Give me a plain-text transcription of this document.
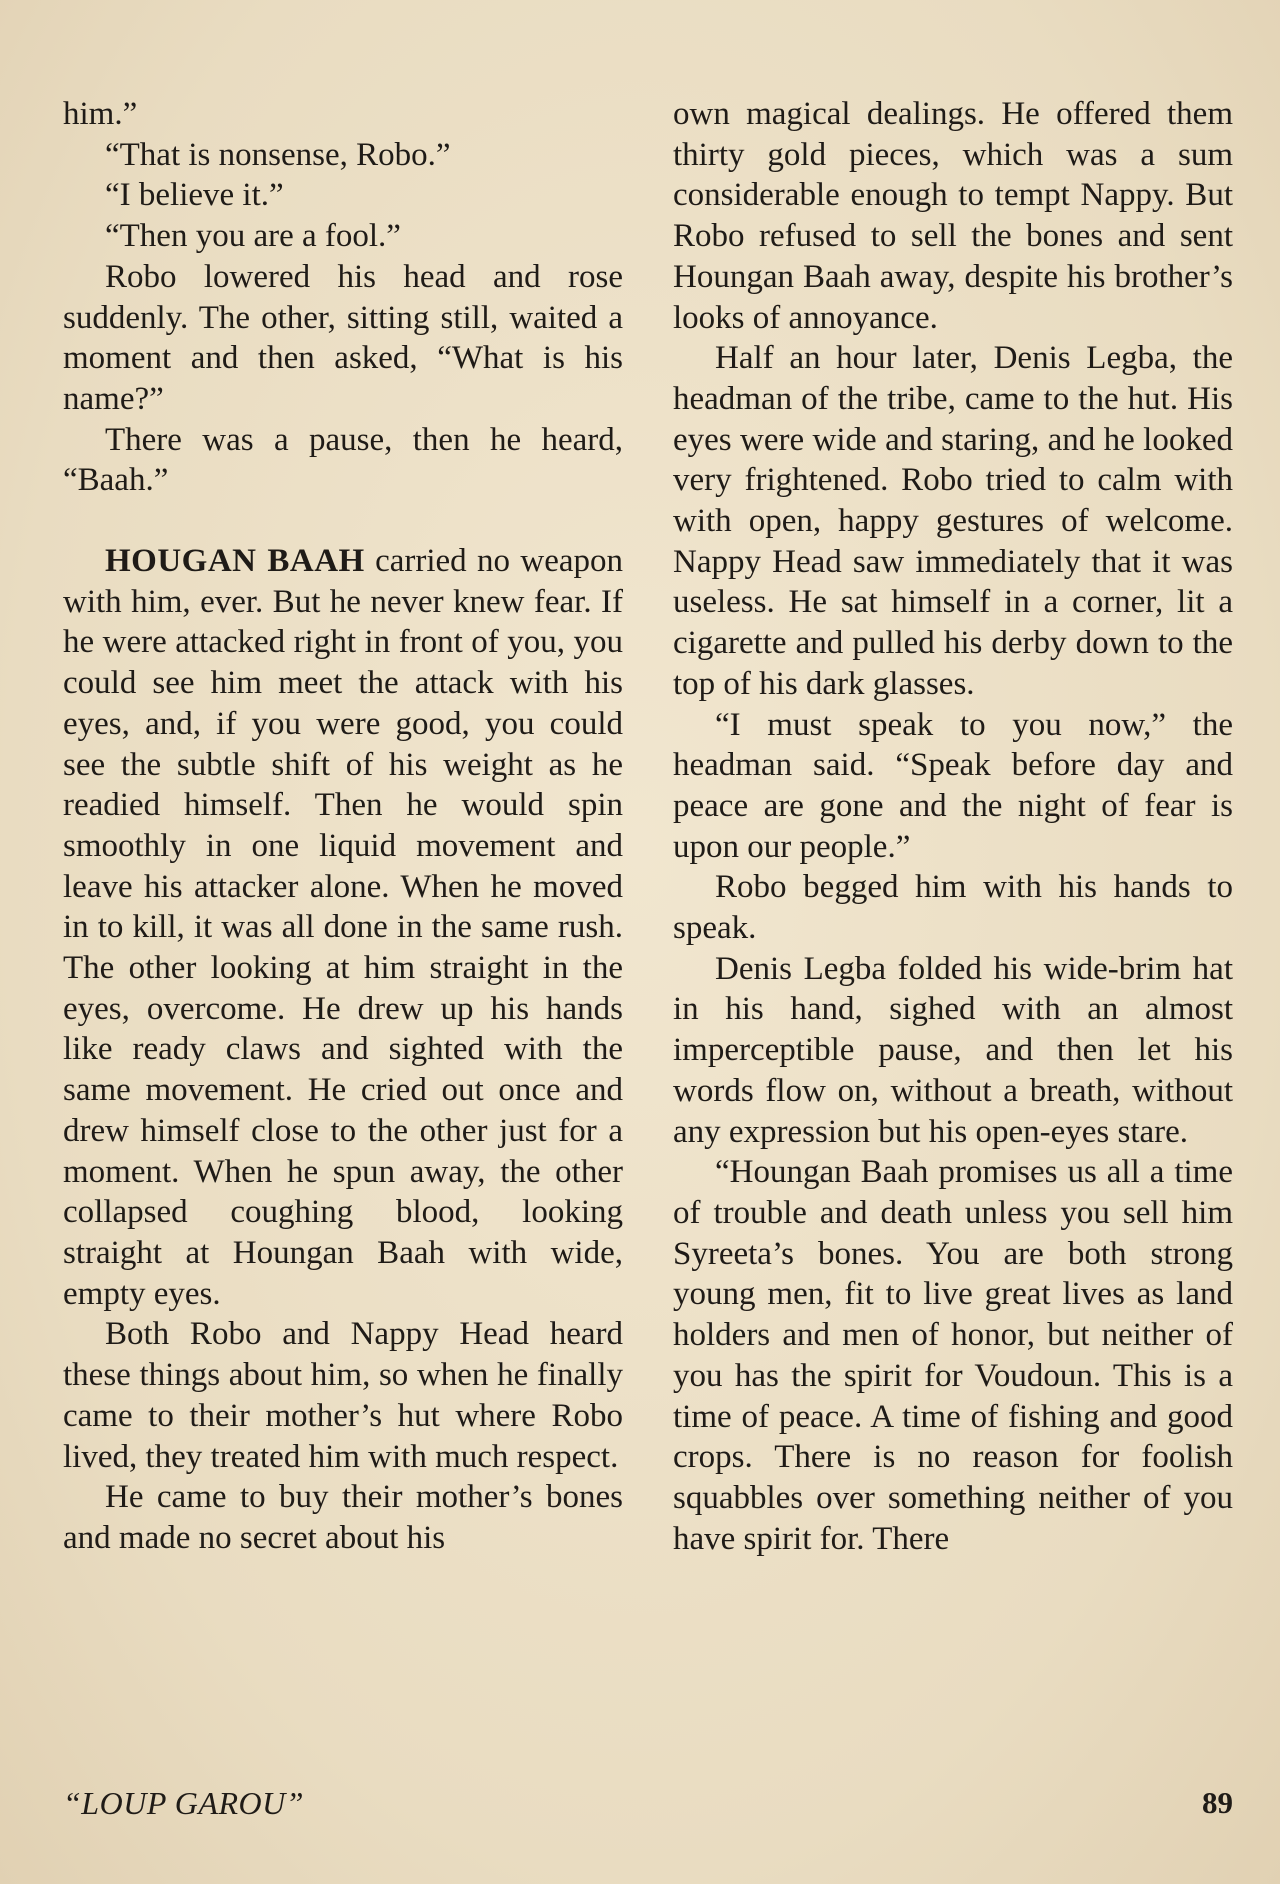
him.”

“That is nonsense, Robo.”

“I believe it.”

“Then you are a fool.”

Robo lowered his head and rose suddenly. The other, sitting still, waited a moment and then asked, “What is his name?”

There was a pause, then he heard, “Baah.”

HOUGAN BAAH carried no weapon with him, ever. But he never knew fear. If he were attacked right in front of you, you could see him meet the attack with his eyes, and, if you were good, you could see the subtle shift of his weight as he readied himself. Then he would spin smoothly in one liquid movement and leave his attacker alone. When he moved in to kill, it was all done in the same rush. The other looking at him straight in the eyes, overcome. He drew up his hands like ready claws and sighted with the same movement. He cried out once and drew himself close to the other just for a moment. When he spun away, the other collapsed coughing blood, looking straight at Houngan Baah with wide, empty eyes.

Both Robo and Nappy Head heard these things about him, so when he finally came to their mother’s hut where Robo lived, they treated him with much respect.

He came to buy their mother’s bones and made no secret about his

own magical dealings. He offered them thirty gold pieces, which was a sum considerable enough to tempt Nappy. But Robo refused to sell the bones and sent Houngan Baah away, despite his brother’s looks of annoyance.

Half an hour later, Denis Legba, the headman of the tribe, came to the hut. His eyes were wide and staring, and he looked very frightened. Robo tried to calm with with open, happy gestures of welcome. Nappy Head saw immediately that it was useless. He sat himself in a corner, lit a cigarette and pulled his derby down to the top of his dark glasses.

“I must speak to you now,” the headman said. “Speak before day and peace are gone and the night of fear is upon our people.”

Robo begged him with his hands to speak.

Denis Legba folded his wide-brim hat in his hand, sighed with an almost imperceptible pause, and then let his words flow on, without a breath, without any expression but his open-eyes stare.

“Houngan Baah promises us all a time of trouble and death unless you sell him Syreeta’s bones. You are both strong young men, fit to live great lives as land holders and men of honor, but neither of you has the spirit for Voudoun. This is a time of peace. A time of fishing and good crops. There is no reason for foolish squabbles over something neither of you have spirit for. There

“LOUP GAROU”	89
